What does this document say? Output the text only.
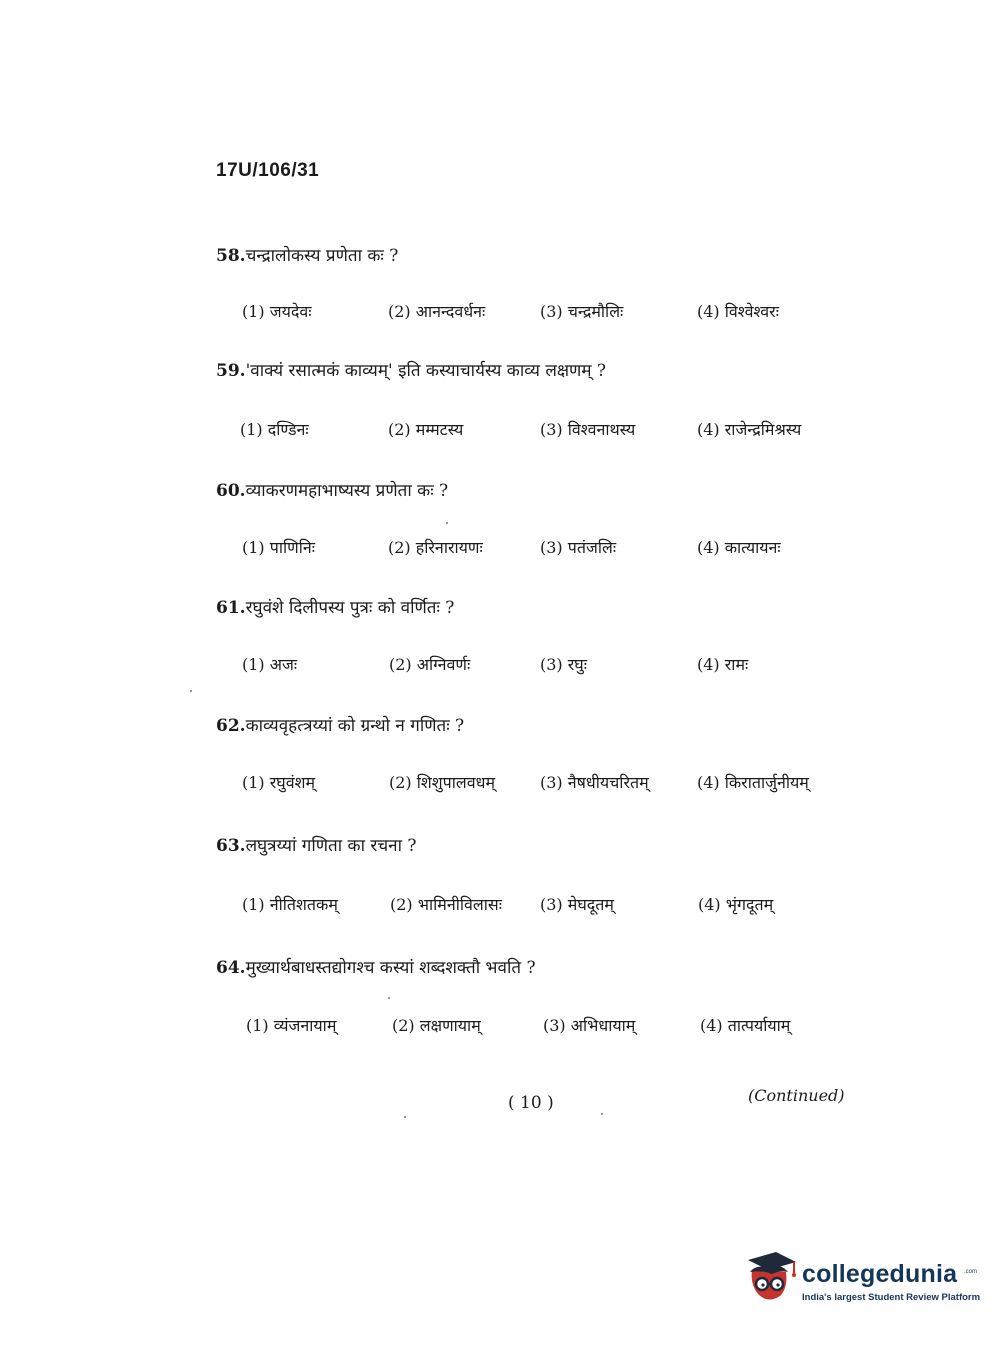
17U/106/31
58.चन्द्रालोकस्य प्रणेता कः ?
(1) जयदेवः	(2) आनन्दवर्धनः	(3) चन्द्रमौलिः	(4) विश्वेश्वरः
59.'वाक्यं रसात्मकं काव्यम्' इति कस्याचार्यस्य काव्य लक्षणम् ?
(1) दण्डिनः	(2) मम्मटस्य	(3) विश्वनाथस्य	(4) राजेन्द्रमिश्रस्य
60.व्याकरणमहाभाष्यस्य प्रणेता कः ?
(1) पाणिनिः	(2) हरिनारायणः	(3) पतंजलिः	(4) कात्यायनः
61.रघुवंशे दिलीपस्य पुत्रः को वर्णितः ?
(1) अजः	(2) अग्निवर्णः	(3) रघुः	(4) रामः
62.काव्यवृहत्त्रय्यां को ग्रन्थो न गणितः ?
(1) रघुवंशम्	(2) शिशुपालवधम्	(3) नैषधीयचरितम्	(4) किरातार्जुनीयम्
63.लघुत्रय्यां गणिता का रचना ?
(1) नीतिशतकम्	(2) भामिनीविलासः (3) मेघदूतम्	(4) भृंगदूतम्
64.मुख्यार्थबाधस्तद्योगश्च कस्यां शब्दशक्तौ भवति ?
(1) व्यंजनायाम्	(2) लक्षणायाम्	(3) अभिधायाम्	(4) तात्पर्यायाम्
( 10 )	(Continued)
collegedunia .com
India's largest Student Review Platform
